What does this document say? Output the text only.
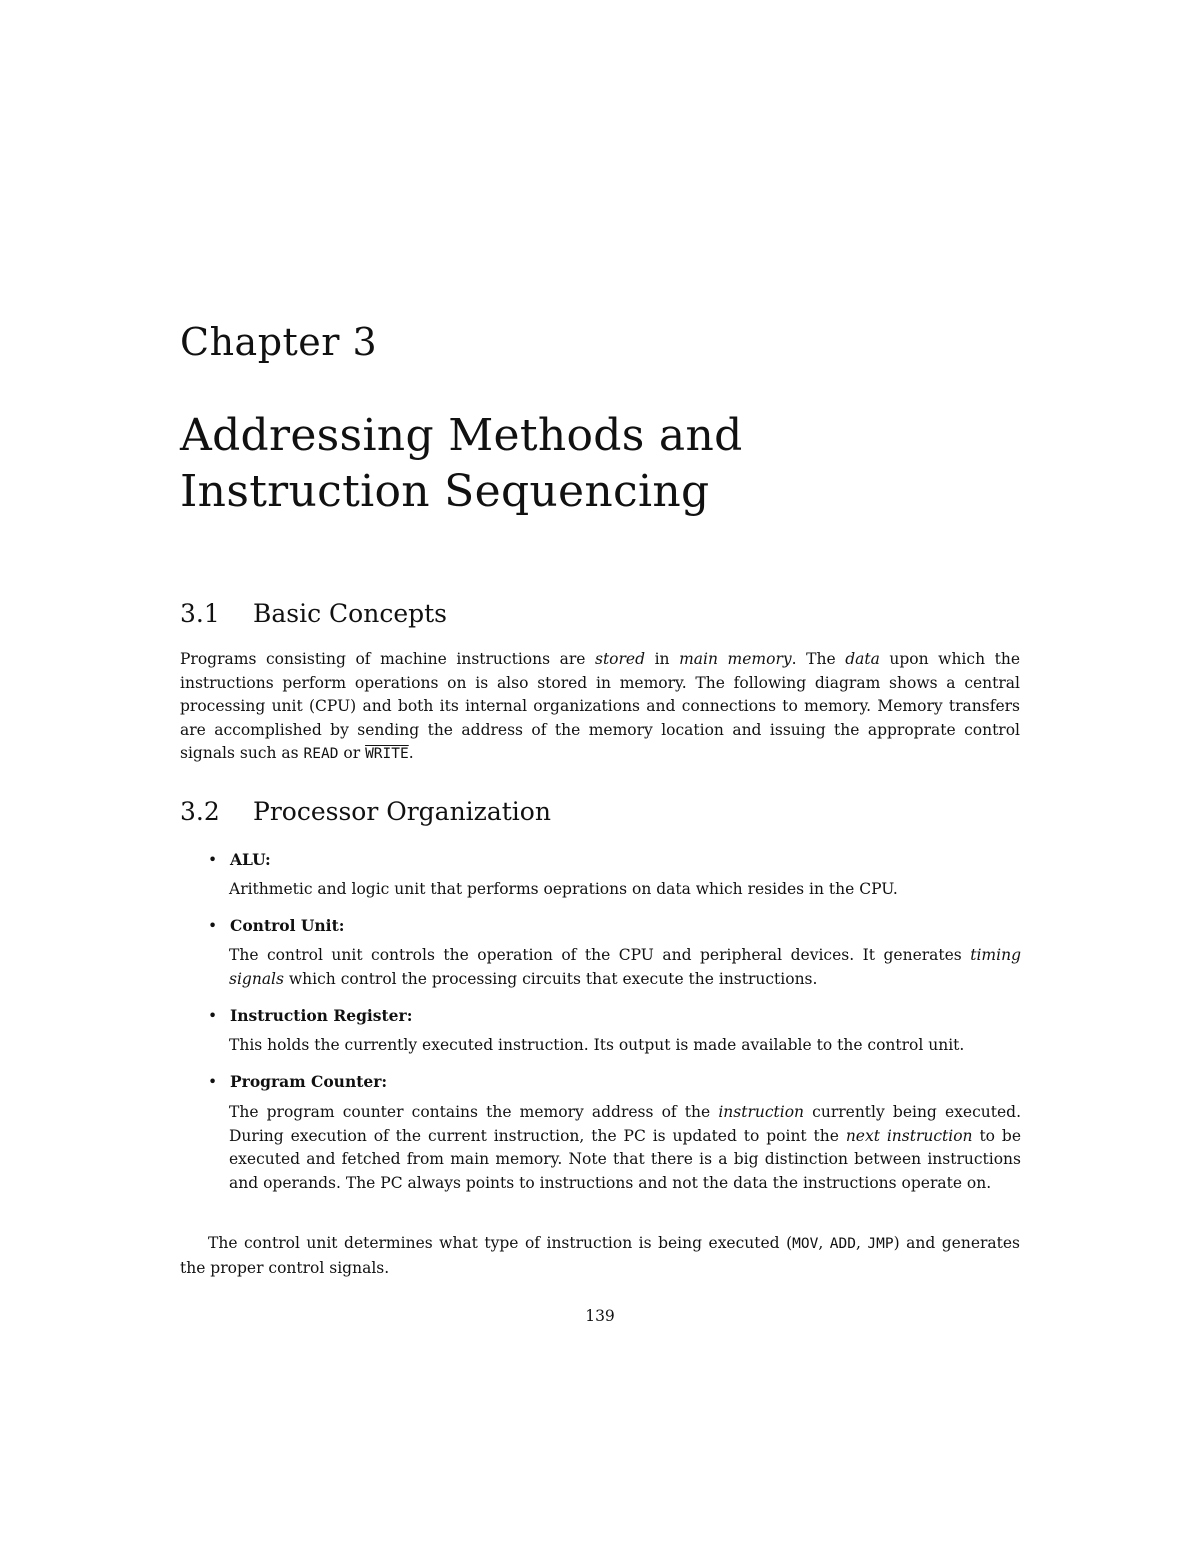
Chapter 3
Addressing Methods and
Instruction Sequencing
3.1 Basic Concepts

Programs consisting of machine instructions are stored in main memory. The data upon which the instructions perform operations on is also stored in memory. The following diagram shows a central processing unit (CPU) and both its internal organizations and connections to memory. Memory transfers are accomplished by sending the address of the memory location and issuing the approprate control signals such as READ or WRITE.

3.2 Processor Organization

• ALU:

Arithmetic and logic unit that performs oeprations on data which resides in the CPU.

• Control Unit:

The control unit controls the operation of the CPU and peripheral devices. It generates timing signals which control the processing circuits that execute the instructions.

• Instruction Register:

This holds the currently executed instruction. Its output is made available to the control unit.

• Program Counter:

The program counter contains the memory address of the instruction currently being executed. During execution of the current instruction, the PC is updated to point the next instruction to be executed and fetched from main memory. Note that there is a big distinction between instructions and operands. The PC always points to instructions and not the data the instructions operate on.

The control unit determines what type of instruction is being executed (MOV, ADD, JMP) and generates the proper control signals.

139
